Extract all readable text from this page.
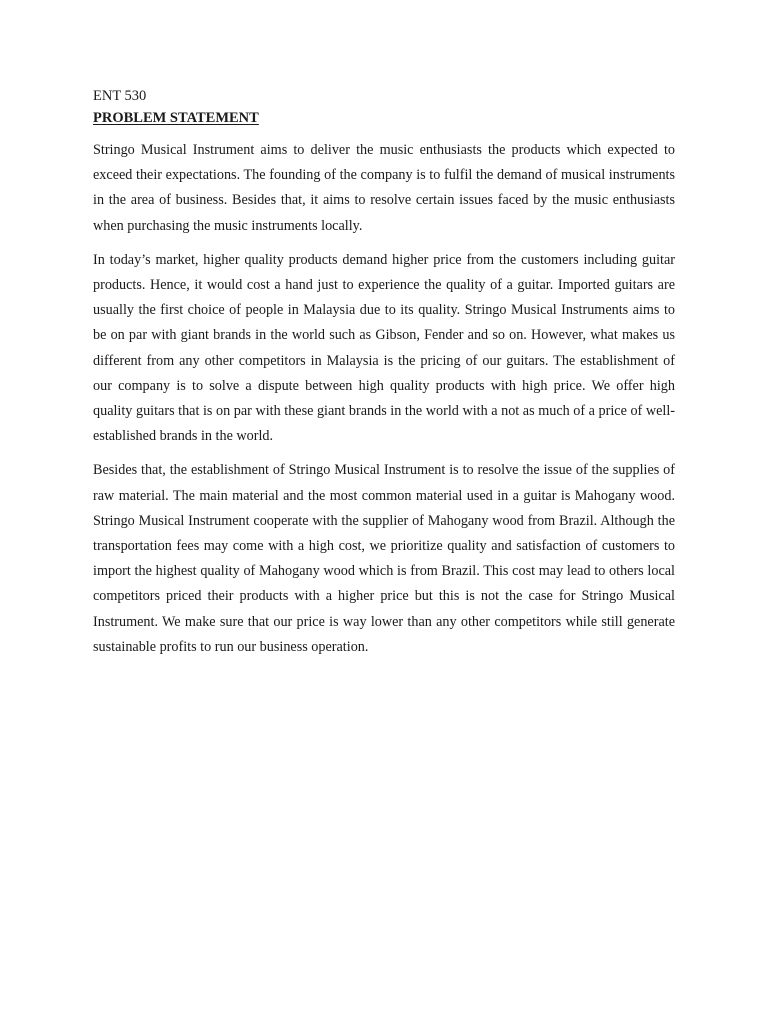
ENT 530
PROBLEM STATEMENT

Stringo Musical Instrument aims to deliver the music enthusiasts the products which expected to exceed their expectations. The founding of the company is to fulfil the demand of musical instruments in the area of business. Besides that, it aims to resolve certain issues faced by the music enthusiasts when purchasing the music instruments locally.

In today’s market, higher quality products demand higher price from the customers including guitar products. Hence, it would cost a hand just to experience the quality of a guitar. Imported guitars are usually the first choice of people in Malaysia due to its quality. Stringo Musical Instruments aims to be on par with giant brands in the world such as Gibson, Fender and so on. However, what makes us different from any other competitors in Malaysia is the pricing of our guitars. The establishment of our company is to solve a dispute between high quality products with high price. We offer high quality guitars that is on par with these giant brands in the world with a not as much of a price of well-established brands in the world.

Besides that, the establishment of Stringo Musical Instrument is to resolve the issue of the supplies of raw material. The main material and the most common material used in a guitar is Mahogany wood. Stringo Musical Instrument cooperate with the supplier of Mahogany wood from Brazil. Although the transportation fees may come with a high cost, we prioritize quality and satisfaction of customers to import the highest quality of Mahogany wood which is from Brazil. This cost may lead to others local competitors priced their products with a higher price but this is not the case for Stringo Musical Instrument. We make sure that our price is way lower than any other competitors while still generate sustainable profits to run our business operation.
